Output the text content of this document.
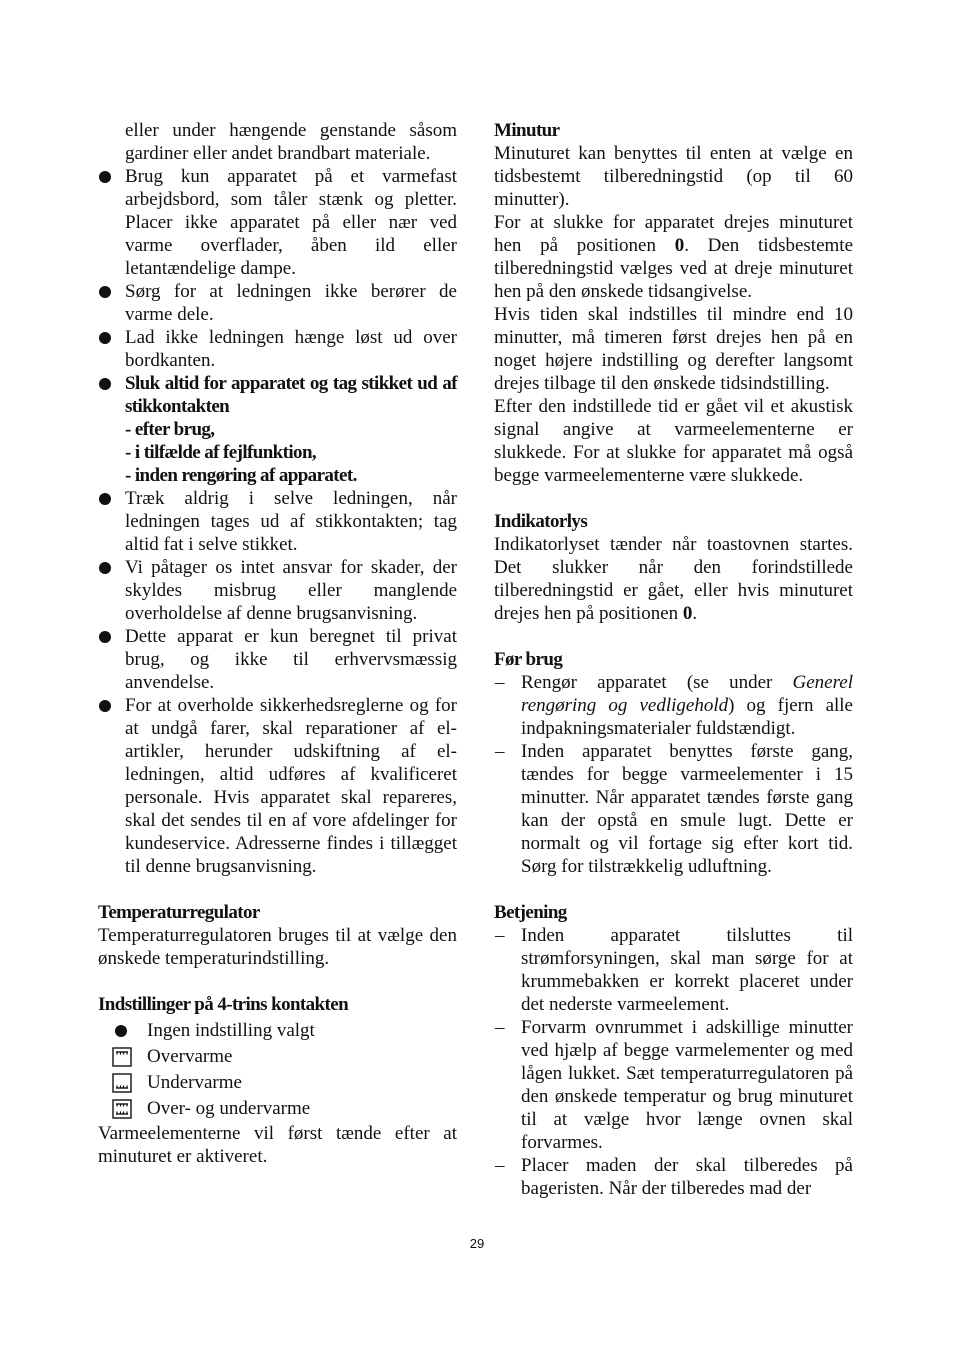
eller under hængende genstande såsom gardiner eller andet brandbart materiale.

Brug kun apparatet på et varmefast arbejdsbord, som tåler stænk og pletter. Placer ikke apparatet på eller nær ved varme overflader, åben ild eller letantændelige dampe.
Sørg for at ledningen ikke berører de varme dele.
Lad ikke ledningen hænge løst ud over bordkanten.
Sluk altid for apparatet og tag stikket ud af stikkontakten
- efter brug,
- i tilfælde af fejlfunktion,
- inden rengøring af apparatet.
Træk aldrig i selve ledningen, når ledningen tages ud af stikkontakten; tag altid fat i selve stikket.
Vi påtager os intet ansvar for skader, der skyldes misbrug eller manglende overholdelse af denne brugsanvisning.
Dette apparat er kun beregnet til privat brug, og ikke til erhvervsmæssig anvendelse.
For at overholde sikkerhedsreglerne og for at undgå farer, skal reparationer af el-artikler, herunder udskiftning af el-ledningen, altid udføres af kvalificeret personale. Hvis apparatet skal repareres, skal det sendes til en af vore afdelinger for kundeservice. Adresserne findes i tillægget til denne brugsanvisning.

Temperaturregulator

Temperaturregulatoren bruges til at vælge den ønskede temperaturindstilling.

Indstillinger på 4-trins kontakten

Ingen indstilling valgt
Overvarme
Undervarme
Over- og undervarme

Varmeelementerne vil først tænde efter at minuturet er aktiveret.

Minutur

Minuturet kan benyttes til enten at vælge en tidsbestemt tilberedningstid (op til 60 minutter).

For at slukke for apparatet drejes minuturet hen på positionen 0. Den tidsbestemte tilberedningstid vælges ved at dreje minuturet hen på den ønskede tidsangivelse.

Hvis tiden skal indstilles til mindre end 10 minutter, må timeren først drejes hen på en noget højere indstilling og derefter langsomt drejes tilbage til den ønskede tidsindstilling.

Efter den indstillede tid er gået vil et akustisk signal angive at varmeelementerne er slukkede. For at slukke for apparatet må også begge varmeelementerne være slukkede.

Indikatorlys

Indikatorlyset tænder når toastovnen startes. Det slukker når den forindstillede tilberedningstid er gået, eller hvis minuturet drejes hen på positionen 0.

Før brug

– Rengør apparatet (se under Generel rengøring og vedligehold) og fjern alle indpakningsmaterialer fuldstændigt.
– Inden apparatet benyttes første gang, tændes for begge varmeelementer i 15 minutter. Når apparatet tændes første gang kan der opstå en smule lugt. Dette er normalt og vil fortage sig efter kort tid. Sørg for tilstrækkelig udluftning.

Betjening

– Inden apparatet tilsluttes til strømforsyningen, skal man sørge for at krummebakken er korrekt placeret under det nederste varmeelement.
– Forvarm ovnrummet i adskillige minutter ved hjælp af begge varmelementer og med lågen lukket. Sæt temperaturregulatoren på den ønskede temperatur og brug minuturet til at vælge hvor længe ovnen skal forvarmes.
– Placer maden der skal tilberedes på bageristen. Når der tilberedes mad der
29
